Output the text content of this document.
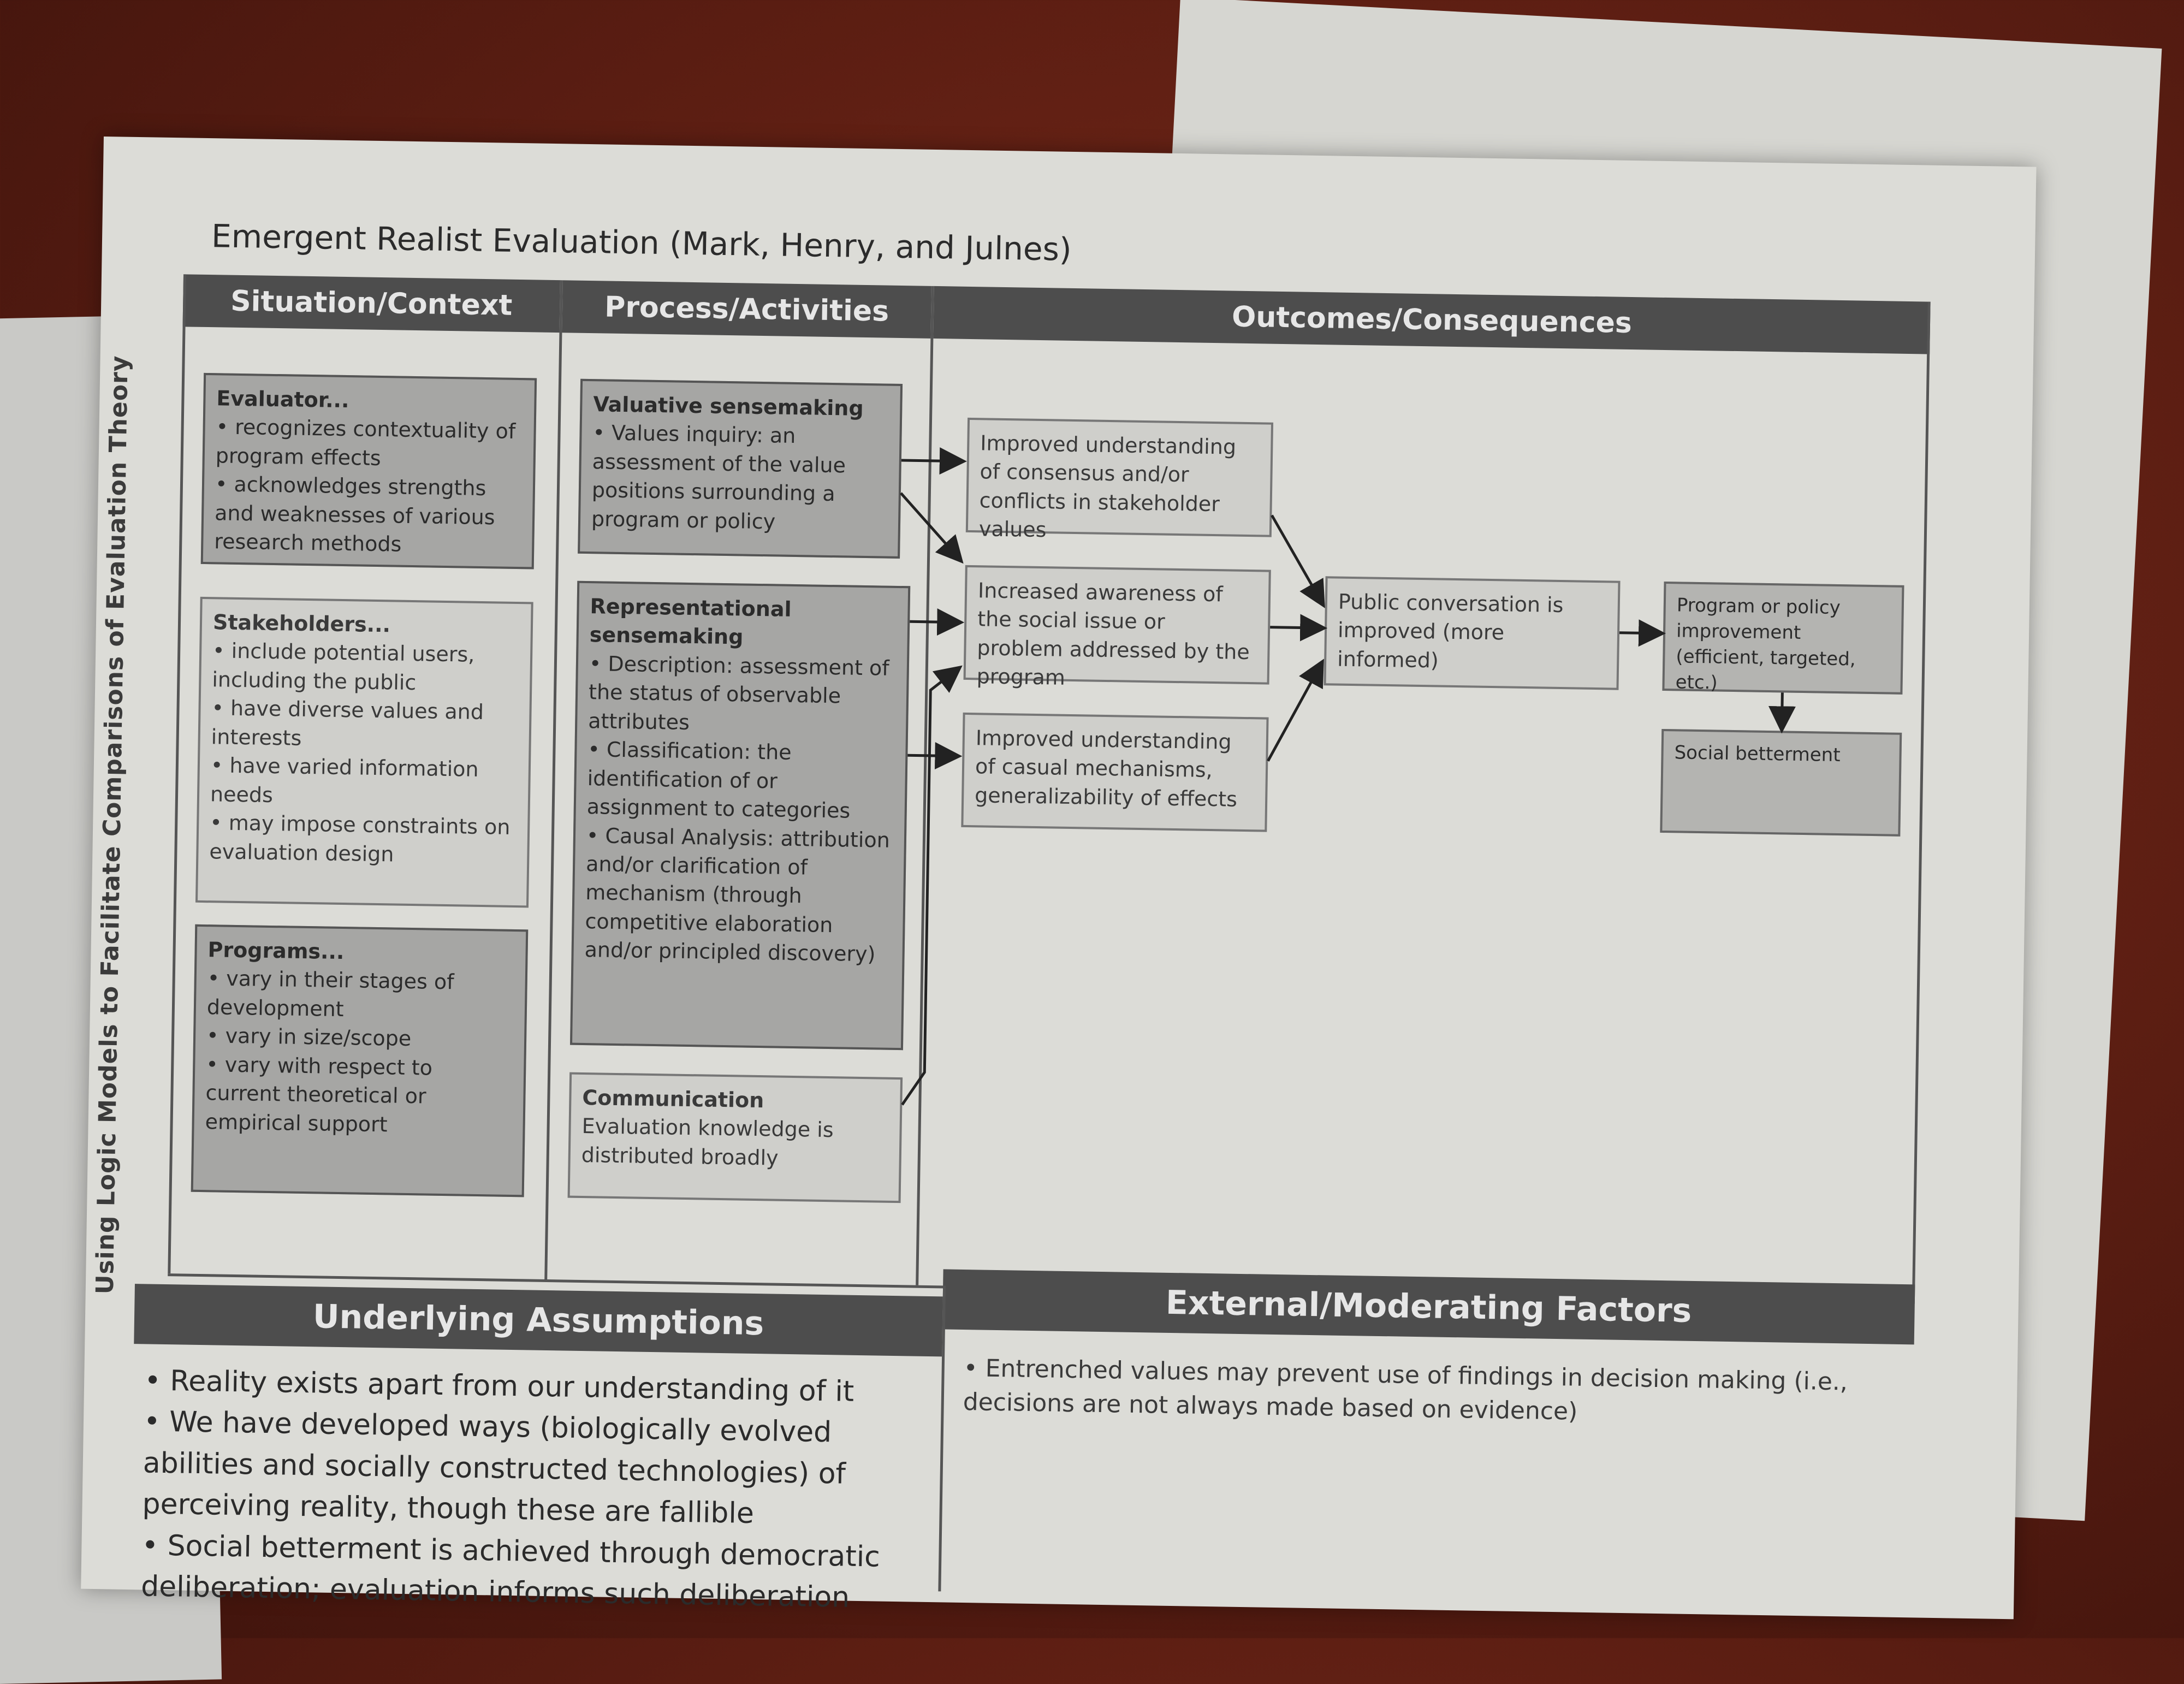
Using Logic Models to Facilitate Comparisons of Evaluation Theory
Emergent Realist Evaluation (Mark, Henry, and Julnes)
Situation/Context	Process/Activities	Outcomes/Consequences
Evaluator...
• recognizes contextuality of program effects
• acknowledges strengths and weaknesses of various research methods
Stakeholders...
• include potential users, including the public
• have diverse values and interests
• have varied information needs
• may impose constraints on evaluation design
Programs...
• vary in their stages of development
• vary in size/scope
• vary with respect to current theoretical or empirical support
Valuative sensemaking
• Values inquiry: an assessment of the value positions surrounding a program or policy
Representational sensemaking
• Description: assessment of the status of observable attributes
• Classification: the identification of or assignment to categories
• Causal Analysis: attribution and/or clarification of mechanism (through competitive elaboration and/or principled discovery)
Communication
Evaluation knowledge is distributed broadly
Improved understanding of consensus and/or conflicts in stakeholder values
Increased awareness of the social issue or problem addressed by the program
Improved understanding of casual mechanisms, generalizability of effects
Public conversation is improved (more informed)
Program or policy improvement (efficient, targeted, etc.)
Social betterment
Underlying Assumptions	External/Moderating Factors
• Reality exists apart from our understanding of it
• We have developed ways (biologically evolved abilities and socially constructed technologies) of perceiving reality, though these are fallible
• Social betterment is achieved through democratic deliberation; evaluation informs such deliberation
• Entrenched values may prevent use of findings in decision making (i.e., decisions are not always made based on evidence)
